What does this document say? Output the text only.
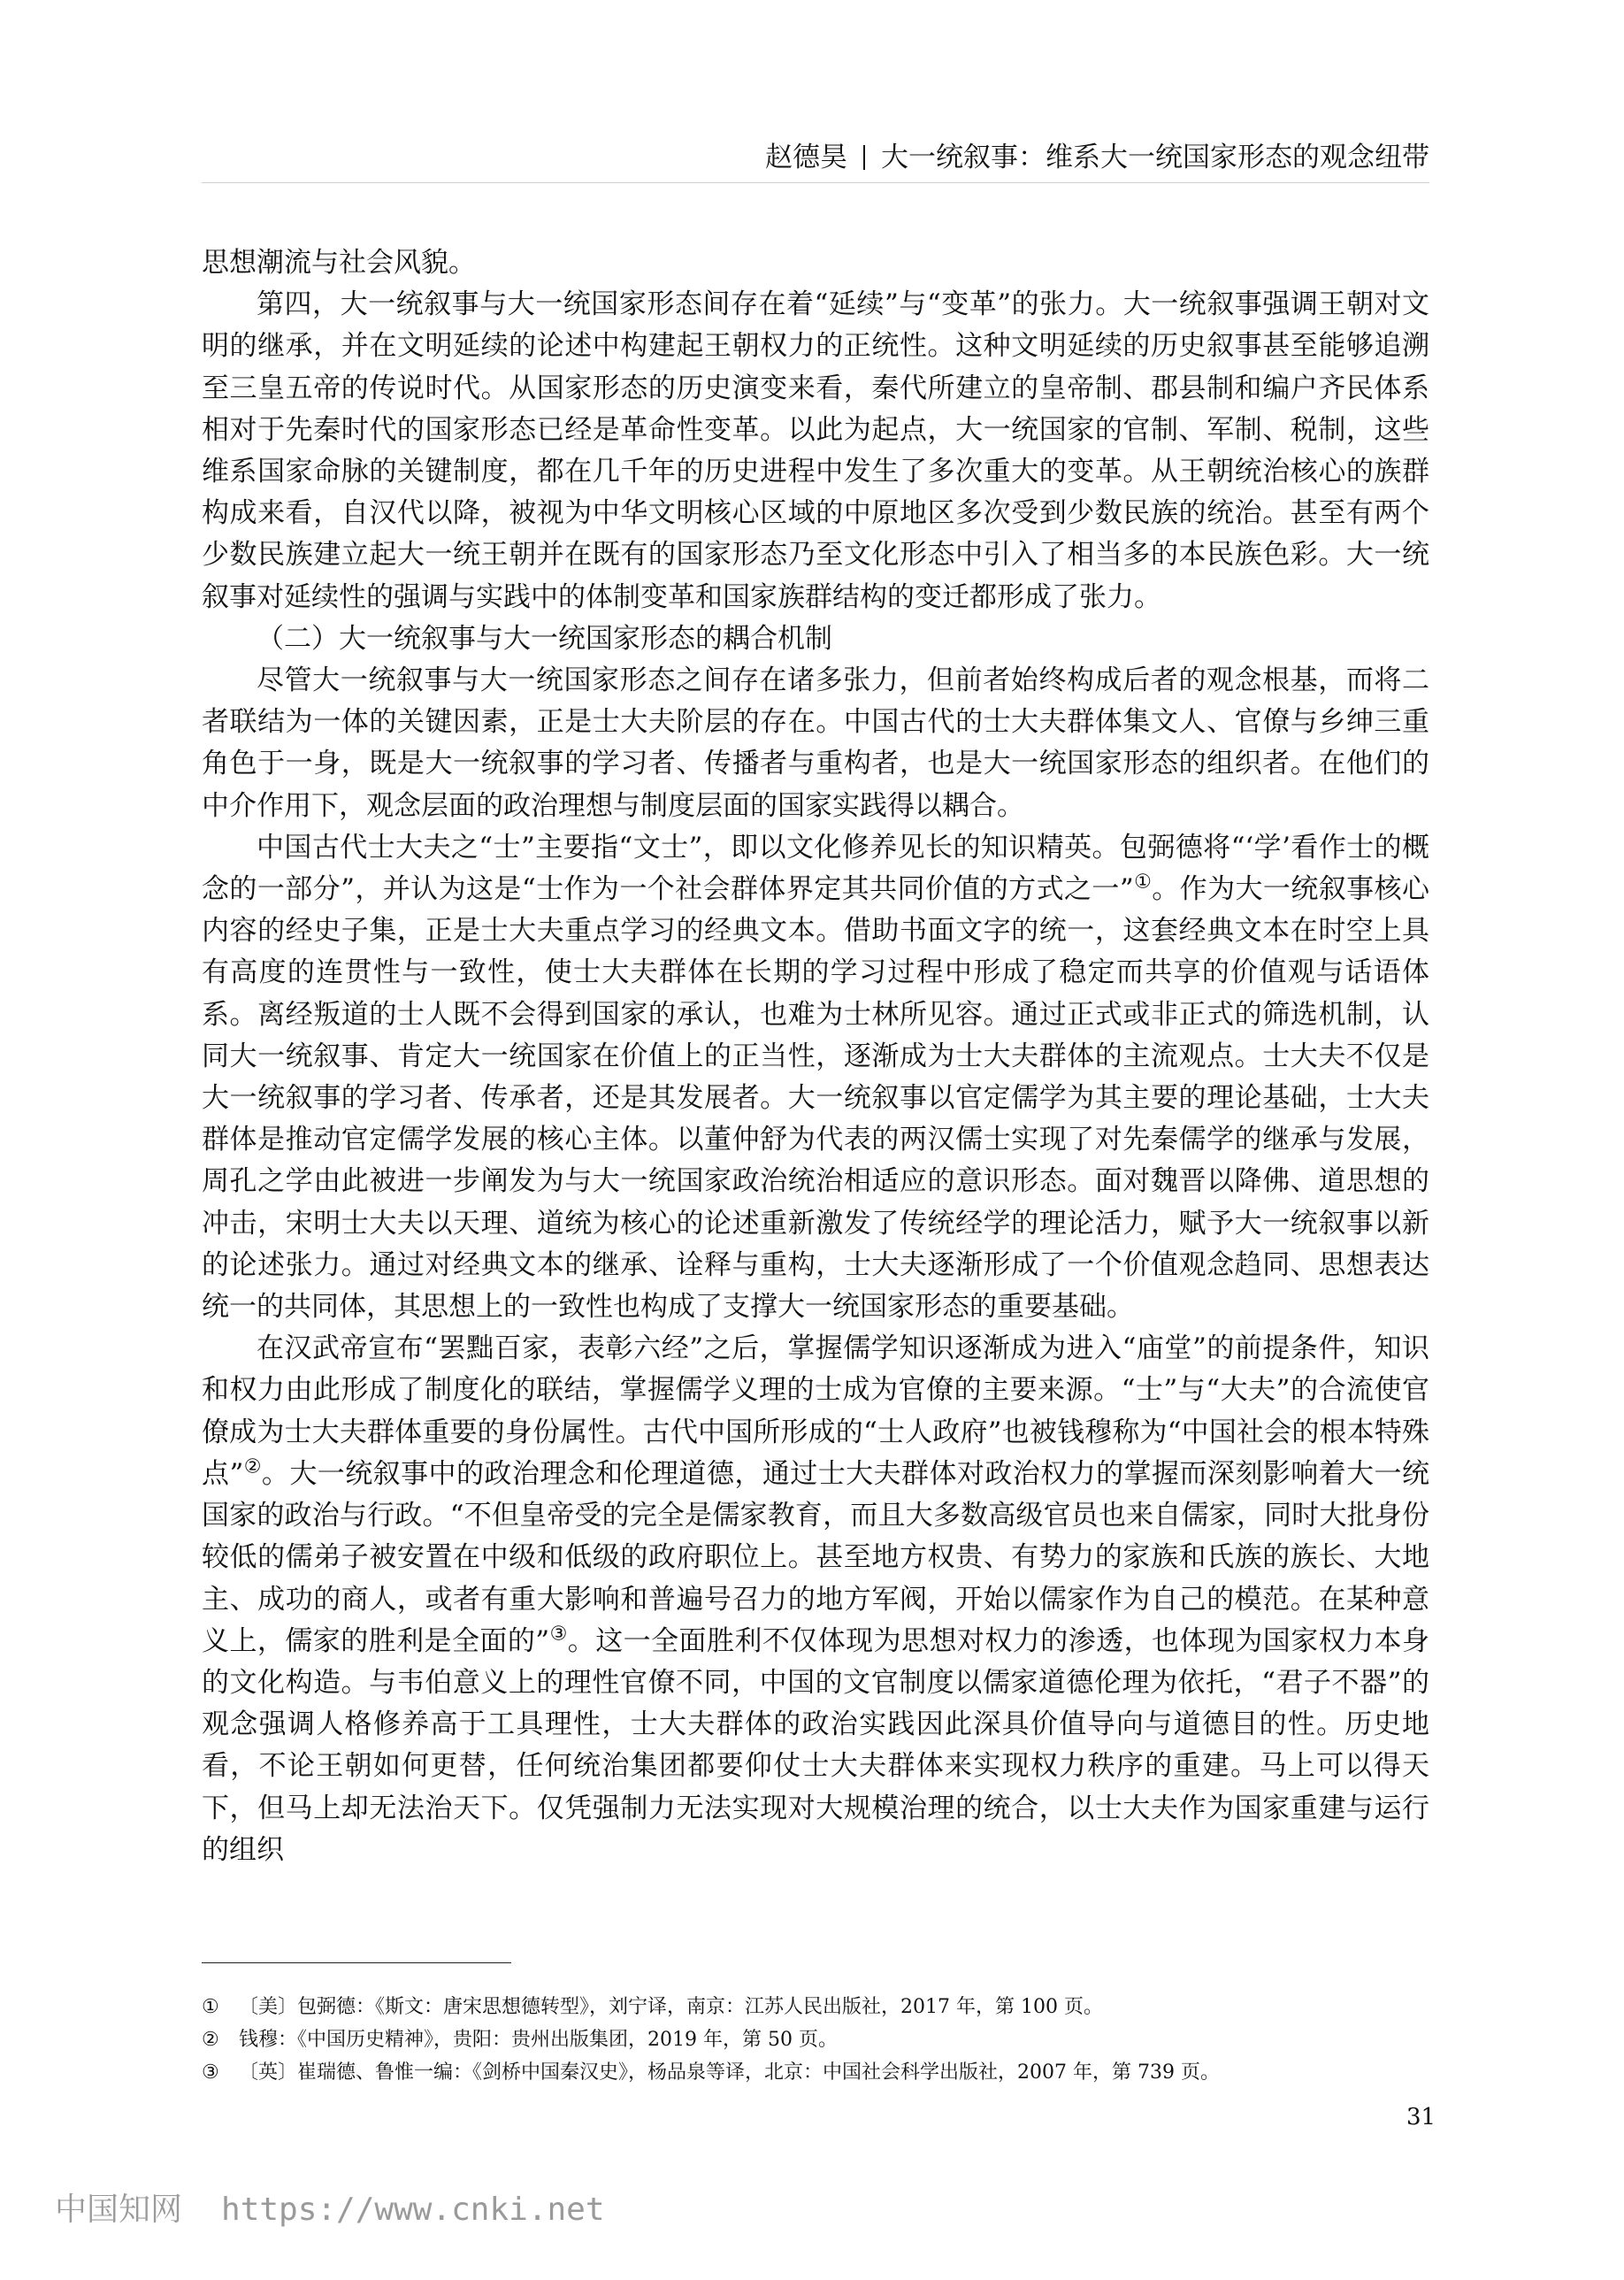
赵德昊 大一统叙事：维系大一统国家形态的观念纽带

思想潮流与社会风貌。

第四，大一统叙事与大一统国家形态间存在着“延续”与“变革”的张力。大一统叙事强调王朝对文明的继承，并在文明延续的论述中构建起王朝权力的正统性。这种文明延续的历史叙事甚至能够追溯至三皇五帝的传说时代。从国家形态的历史演变来看，秦代所建立的皇帝制、郡县制和编户齐民体系相对于先秦时代的国家形态已经是革命性变革。以此为起点，大一统国家的官制、军制、税制，这些维系国家命脉的关键制度，都在几千年的历史进程中发生了多次重大的变革。从王朝统治核心的族群构成来看，自汉代以降，被视为中华文明核心区域的中原地区多次受到少数民族的统治。甚至有两个少数民族建立起大一统王朝并在既有的国家形态乃至文化形态中引入了相当多的本民族色彩。大一统叙事对延续性的强调与实践中的体制变革和国家族群结构的变迁都形成了张力。

（二）大一统叙事与大一统国家形态的耦合机制

尽管大一统叙事与大一统国家形态之间存在诸多张力，但前者始终构成后者的观念根基，而将二者联结为一体的关键因素，正是士大夫阶层的存在。中国古代的士大夫群体集文人、官僚与乡绅三重角色于一身，既是大一统叙事的学习者、传播者与重构者，也是大一统国家形态的组织者。在他们的中介作用下，观念层面的政治理想与制度层面的国家实践得以耦合。

中国古代士大夫之“士”主要指“文士”，即以文化修养见长的知识精英。包弼德将“‘学’看作士的概念的一部分”，并认为这是“士作为一个社会群体界定其共同价值的方式之一”①。作为大一统叙事核心内容的经史子集，正是士大夫重点学习的经典文本。借助书面文字的统一，这套经典文本在时空上具有高度的连贯性与一致性，使士大夫群体在长期的学习过程中形成了稳定而共享的价值观与话语体系。离经叛道的士人既不会得到国家的承认，也难为士林所见容。通过正式或非正式的筛选机制，认同大一统叙事、肯定大一统国家在价值上的正当性，逐渐成为士大夫群体的主流观点。士大夫不仅是大一统叙事的学习者、传承者，还是其发展者。大一统叙事以官定儒学为其主要的理论基础，士大夫群体是推动官定儒学发展的核心主体。以董仲舒为代表的两汉儒士实现了对先秦儒学的继承与发展，周孔之学由此被进一步阐发为与大一统国家政治统治相适应的意识形态。面对魏晋以降佛、道思想的冲击，宋明士大夫以天理、道统为核心的论述重新激发了传统经学的理论活力，赋予大一统叙事以新的论述张力。通过对经典文本的继承、诠释与重构，士大夫逐渐形成了一个价值观念趋同、思想表达统一的共同体，其思想上的一致性也构成了支撑大一统国家形态的重要基础。

在汉武帝宣布“罢黜百家，表彰六经”之后，掌握儒学知识逐渐成为进入“庙堂”的前提条件，知识和权力由此形成了制度化的联结，掌握儒学义理的士成为官僚的主要来源。“士”与“大夫”的合流使官僚成为士大夫群体重要的身份属性。古代中国所形成的“士人政府”也被钱穆称为“中国社会的根本特殊点”②。大一统叙事中的政治理念和伦理道德，通过士大夫群体对政治权力的掌握而深刻影响着大一统国家的政治与行政。“不但皇帝受的完全是儒家教育，而且大多数高级官员也来自儒家，同时大批身份较低的儒弟子被安置在中级和低级的政府职位上。甚至地方权贵、有势力的家族和氏族的族长、大地主、成功的商人，或者有重大影响和普遍号召力的地方军阀，开始以儒家作为自己的模范。在某种意义上，儒家的胜利是全面的”③。这一全面胜利不仅体现为思想对权力的渗透，也体现为国家权力本身的文化构造。与韦伯意义上的理性官僚不同，中国的文官制度以儒家道德伦理为依托，“君子不器”的观念强调人格修养高于工具理性，士大夫群体的政治实践因此深具价值导向与道德目的性。历史地看，不论王朝如何更替，任何统治集团都要仰仗士大夫群体来实现权力秩序的重建。马上可以得天下，但马上却无法治天下。仅凭强制力无法实现对大规模治理的统合，以士大夫作为国家重建与运行的组织

① 〔美〕包弼德：《斯文：唐宋思想德转型》，刘宁译，南京：江苏人民出版社，2017 年，第 100 页。
② 钱穆：《中国历史精神》，贵阳：贵州出版集团，2019 年，第 50 页。
③ 〔英〕崔瑞德、鲁惟一编：《剑桥中国秦汉史》，杨品泉等译，北京：中国社会科学出版社，2007 年，第 739 页。
31
中国知网 https://www.cnki.net
